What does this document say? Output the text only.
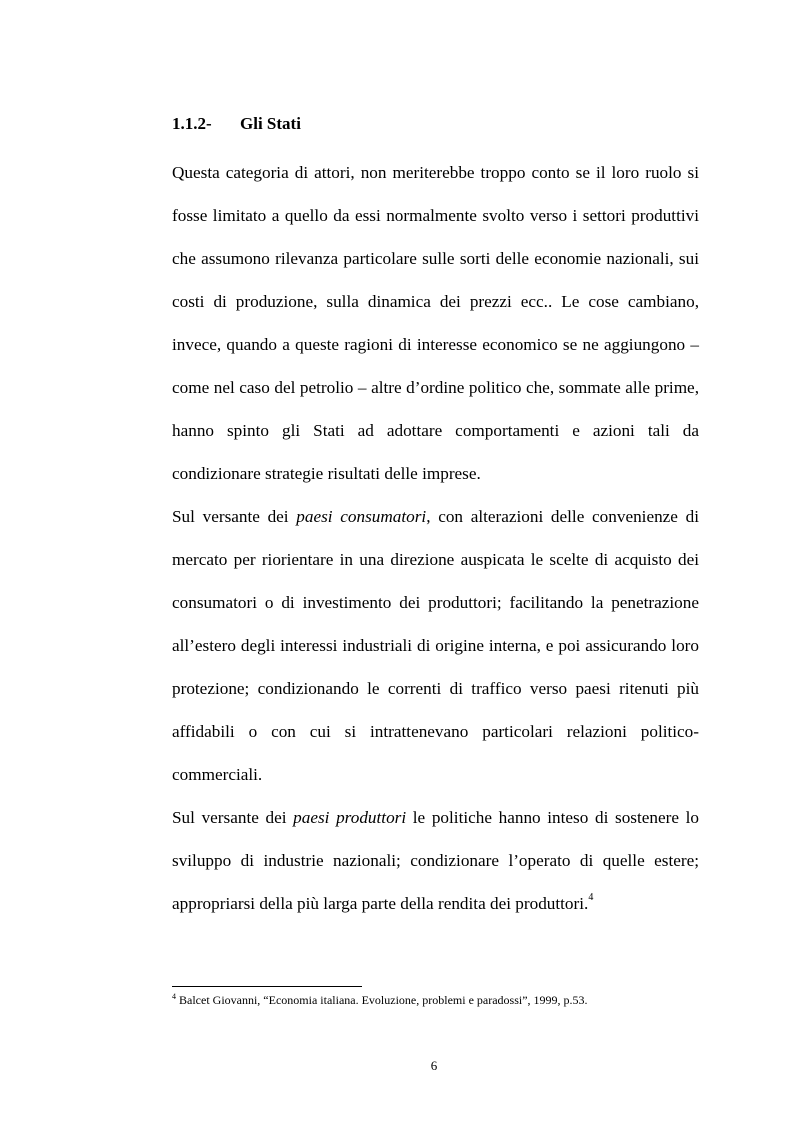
1.1.2- Gli Stati

Questa categoria di attori, non meriterebbe troppo conto se il loro ruolo si fosse limitato a quello da essi normalmente svolto verso i settori produttivi che assumono rilevanza particolare sulle sorti delle economie nazionali, sui costi di produzione, sulla dinamica dei prezzi ecc.. Le cose cambiano, invece, quando a queste ragioni di interesse economico se ne aggiungono – come nel caso del petrolio – altre d’ordine politico che, sommate alle prime, hanno spinto gli Stati ad adottare comportamenti e azioni tali da condizionare strategie risultati delle imprese.

Sul versante dei paesi consumatori, con alterazioni delle convenienze di mercato per riorientare in una direzione auspicata le scelte di acquisto dei consumatori o di investimento dei produttori; facilitando la penetrazione all’estero degli interessi industriali di origine interna, e poi assicurando loro protezione; condizionando le correnti di traffico verso paesi ritenuti più affidabili o con cui si intrattenevano particolari relazioni politico-commerciali.

Sul versante dei paesi produttori le politiche hanno inteso di sostenere lo sviluppo di industrie nazionali; condizionare l’operato di quelle estere; appropriarsi della più larga parte della rendita dei produttori.$^4$

$^4$ Balcet Giovanni, “Economia italiana. Evoluzione, problemi e paradossi”, 1999, p.53.
6
